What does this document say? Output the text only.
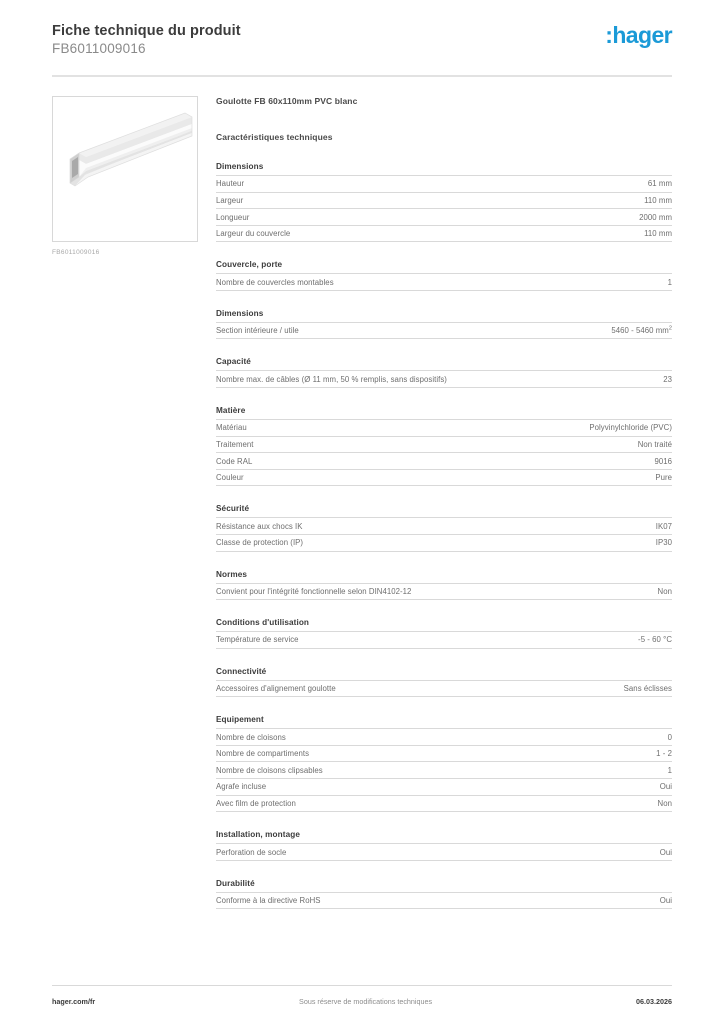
Fiche technique du produit
FB6011009016
:hager
FB6011009016
Goulotte FB 60x110mm PVC blanc
Caractéristiques techniques
Dimensions
Hauteur	61 mm
Largeur	110 mm
Longueur	2000 mm
Largeur du couvercle	110 mm
Couvercle, porte
Nombre de couvercles montables	1
Dimensions
Section intérieure / utile	5460 - 5460 $mm^2$
Capacité
Nombre max. de câbles (Ø 11 mm, 50 % remplis, sans dispositifs)	23
Matière
Matériau	Polyvinylchloride (PVC)
Traitement	Non traité
Code RAL	9016
Couleur	Pure
Sécurité
Résistance aux chocs IK	IK07
Classe de protection (IP)	IP30
Normes
Convient pour l'intégrité fonctionnelle selon DIN4102-12	Non
Conditions d'utilisation
Température de service	-5 - 60 °C
Connectivité
Accessoires d'alignement goulotte	Sans éclisses
Equipement
Nombre de cloisons	0
Nombre de compartiments	1 - 2
Nombre de cloisons clipsables	1
Agrafe incluse	Oui
Avec film de protection	Non
Installation, montage
Perforation de socle	Oui
Durabilité
Conforme à la directive RoHS	Oui
hager.com/fr	Sous réserve de modifications techniques	06.03.2026
